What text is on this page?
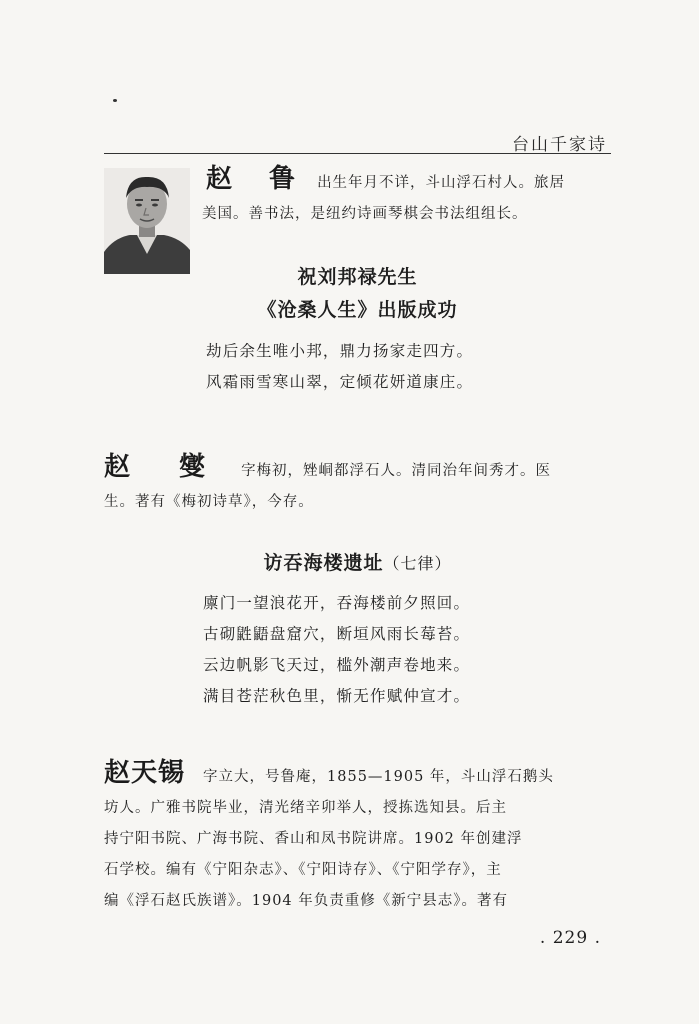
台山千家诗
赵 鲁 出生年月不详，斗山浮石村人。旅居
美国。善书法，是纽约诗画琴棋会书法组组长。
祝刘邦禄先生
《沧桑人生》出版成功
劫后余生唯小邦，鼎力扬家走四方。
风霜雨雪寒山翠，定倾花妍道康庄。
赵 燮 字梅初，矬峒都浮石人。清同治年间秀才。医
生。著有《梅初诗草》，今存。
访吞海楼遗址（七律）
廪门一望浪花开，吞海楼前夕照回。
古砌鼪鼯盘窟穴，断垣风雨长莓苔。
云边帆影飞天过，槛外潮声卷地来。
满目苍茫秋色里，惭无作赋仲宣才。
赵天锡 字立大，号鲁庵，1855—1905 年，斗山浮石鹅头
坊人。广雅书院毕业，清光绪辛卯举人，授拣选知县。后主
持宁阳书院、广海书院、香山和凤书院讲席。1902 年创建浮
石学校。编有《宁阳杂志》、《宁阳诗存》、《宁阳学存》，主
编《浮石赵氏族谱》。1904 年负责重修《新宁县志》。著有
. 229 .
